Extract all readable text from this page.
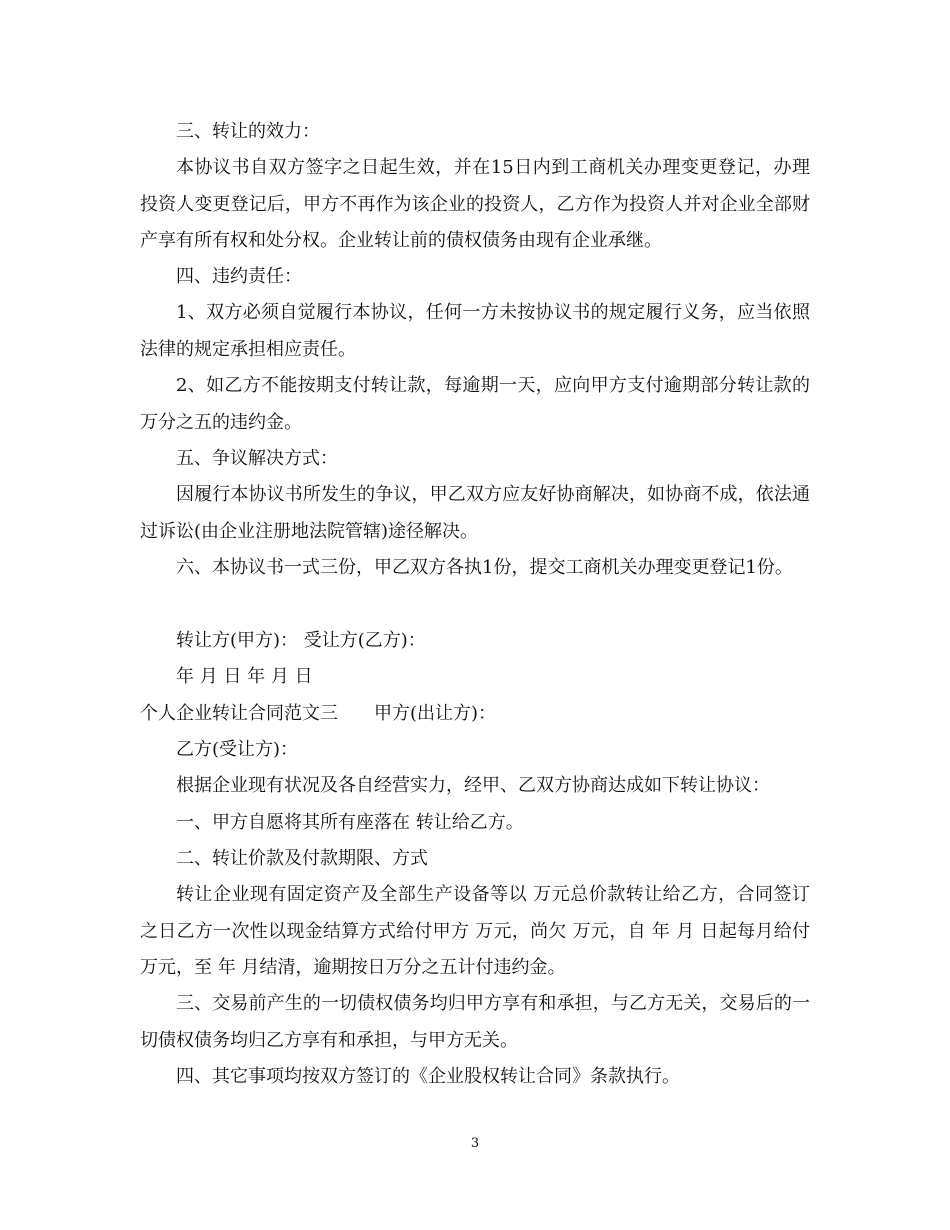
三、转让的效力：

本协议书自双方签字之日起生效，并在15日内到工商机关办理变更登记，办理投资人变更登记后，甲方不再作为该企业的投资人，乙方作为投资人并对企业全部财产享有所有权和处分权。企业转让前的债权债务由现有企业承继。

四、违约责任：

1、双方必须自觉履行本协议，任何一方未按协议书的规定履行义务，应当依照法律的规定承担相应责任。

2、如乙方不能按期支付转让款，每逾期一天，应向甲方支付逾期部分转让款的万分之五的违约金。

五、争议解决方式：

因履行本协议书所发生的争议，甲乙双方应友好协商解决，如协商不成，依法通过诉讼(由企业注册地法院管辖)途径解决。

六、本协议书一式三份，甲乙双方各执1份，提交工商机关办理变更登记1份。

转让方(甲方)： 受让方(乙方)：

年 月 日 年 月 日

个人企业转让合同范文三 甲方(出让方)：

乙方(受让方)：

根据企业现有状况及各自经营实力，经甲、乙双方协商达成如下转让协议：

一、甲方自愿将其所有座落在 转让给乙方。

二、转让价款及付款期限、方式

转让企业现有固定资产及全部生产设备等以 万元总价款转让给乙方，合同签订之日乙方一次性以现金结算方式给付甲方 万元，尚欠 万元，自 年 月 日起每月给付 万元，至 年 月结清，逾期按日万分之五计付违约金。

三、交易前产生的一切债权债务均归甲方享有和承担，与乙方无关，交易后的一切债权债务均归乙方享有和承担，与甲方无关。

四、其它事项均按双方签订的《企业股权转让合同》条款执行。

3
